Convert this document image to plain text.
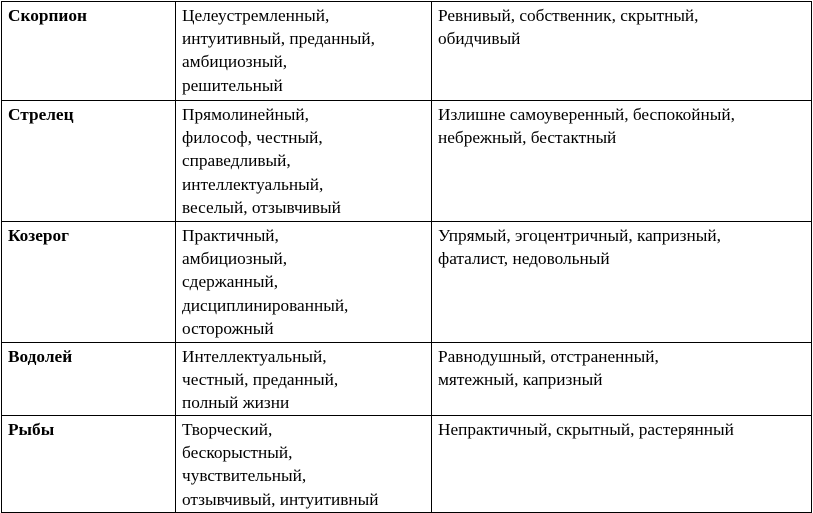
Скорпион	Целеустремленный,
интуитивный, преданный,
амбициозный,
решительный	Ревнивый, собственник, скрытный,
обидчивый

Стрелец	Прямолинейный,
философ, честный,
справедливый,
интеллектуальный,
веселый, отзывчивый	Излишне самоуверенный, беспокойный,
небрежный, бестактный

Козерог	Практичный,
амбициозный,
сдержанный,
дисциплинированный,
осторожный	Упрямый, эгоцентричный, капризный,
фаталист, недовольный

Водолей	Интеллектуальный,
честный, преданный,
полный жизни	Равнодушный, отстраненный,
мятежный, капризный

Рыбы	Творческий,
бескорыстный,
чувствительный,
отзывчивый, интуитивный	Непрактичный, скрытный, растерянный
